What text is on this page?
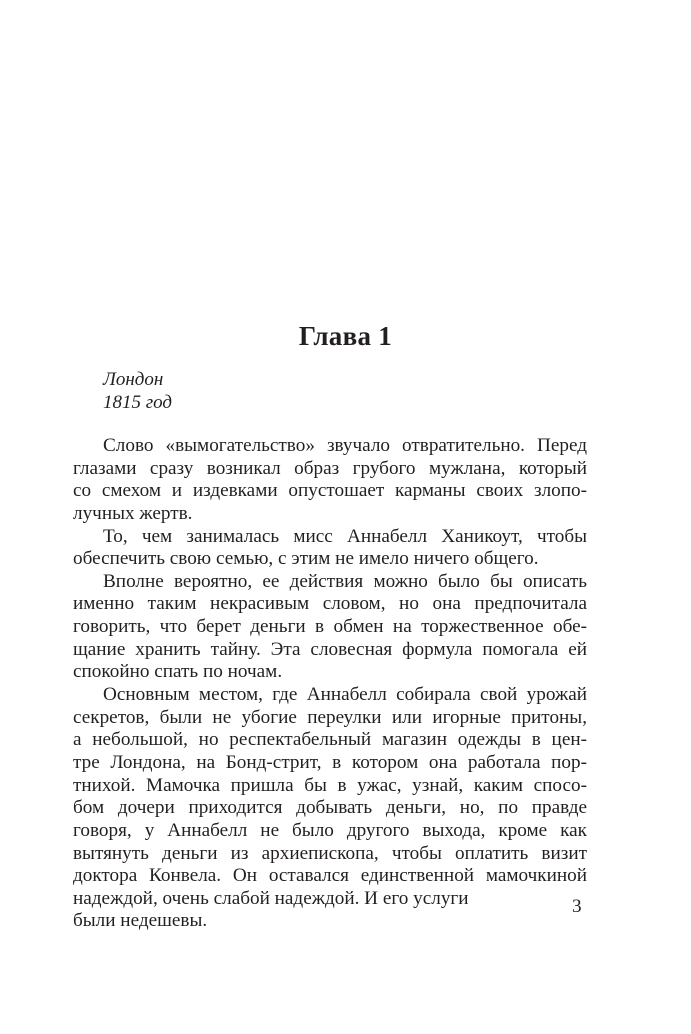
Глава 1
Лондон
1815 год
Слово «вымогательство» звучало отвратительно. Перед
глазами сразу возникал образ грубого мужлана, который
со смехом и издевками опустошает карманы своих злопо-
лучных жертв.
То, чем занималась мисс Аннабелл Ханикоут, чтобы
обеспечить свою семью, с этим не имело ничего общего.
Вполне вероятно, ее действия можно было бы описать
именно таким некрасивым словом, но она предпочитала
говорить, что берет деньги в обмен на торжественное обе-
щание хранить тайну. Эта словесная формула помогала ей
спокойно спать по ночам.
Основным местом, где Аннабелл собирала свой урожай
секретов, были не убогие переулки или игорные притоны,
а небольшой, но респектабельный магазин одежды в цен-
тре Лондона, на Бонд-стрит, в котором она работала пор-
тнихой. Мамочка пришла бы в ужас, узнай, каким спосо-
бом дочери приходится добывать деньги, но, по правде
говоря, у Аннабелл не было другого выхода, кроме как
вытянуть деньги из архиепископа, чтобы оплатить визит
доктора Конвела. Он оставался единственной мамочкиной
надеждой, очень слабой надеждой. И его услуги
были недешевы.
3
